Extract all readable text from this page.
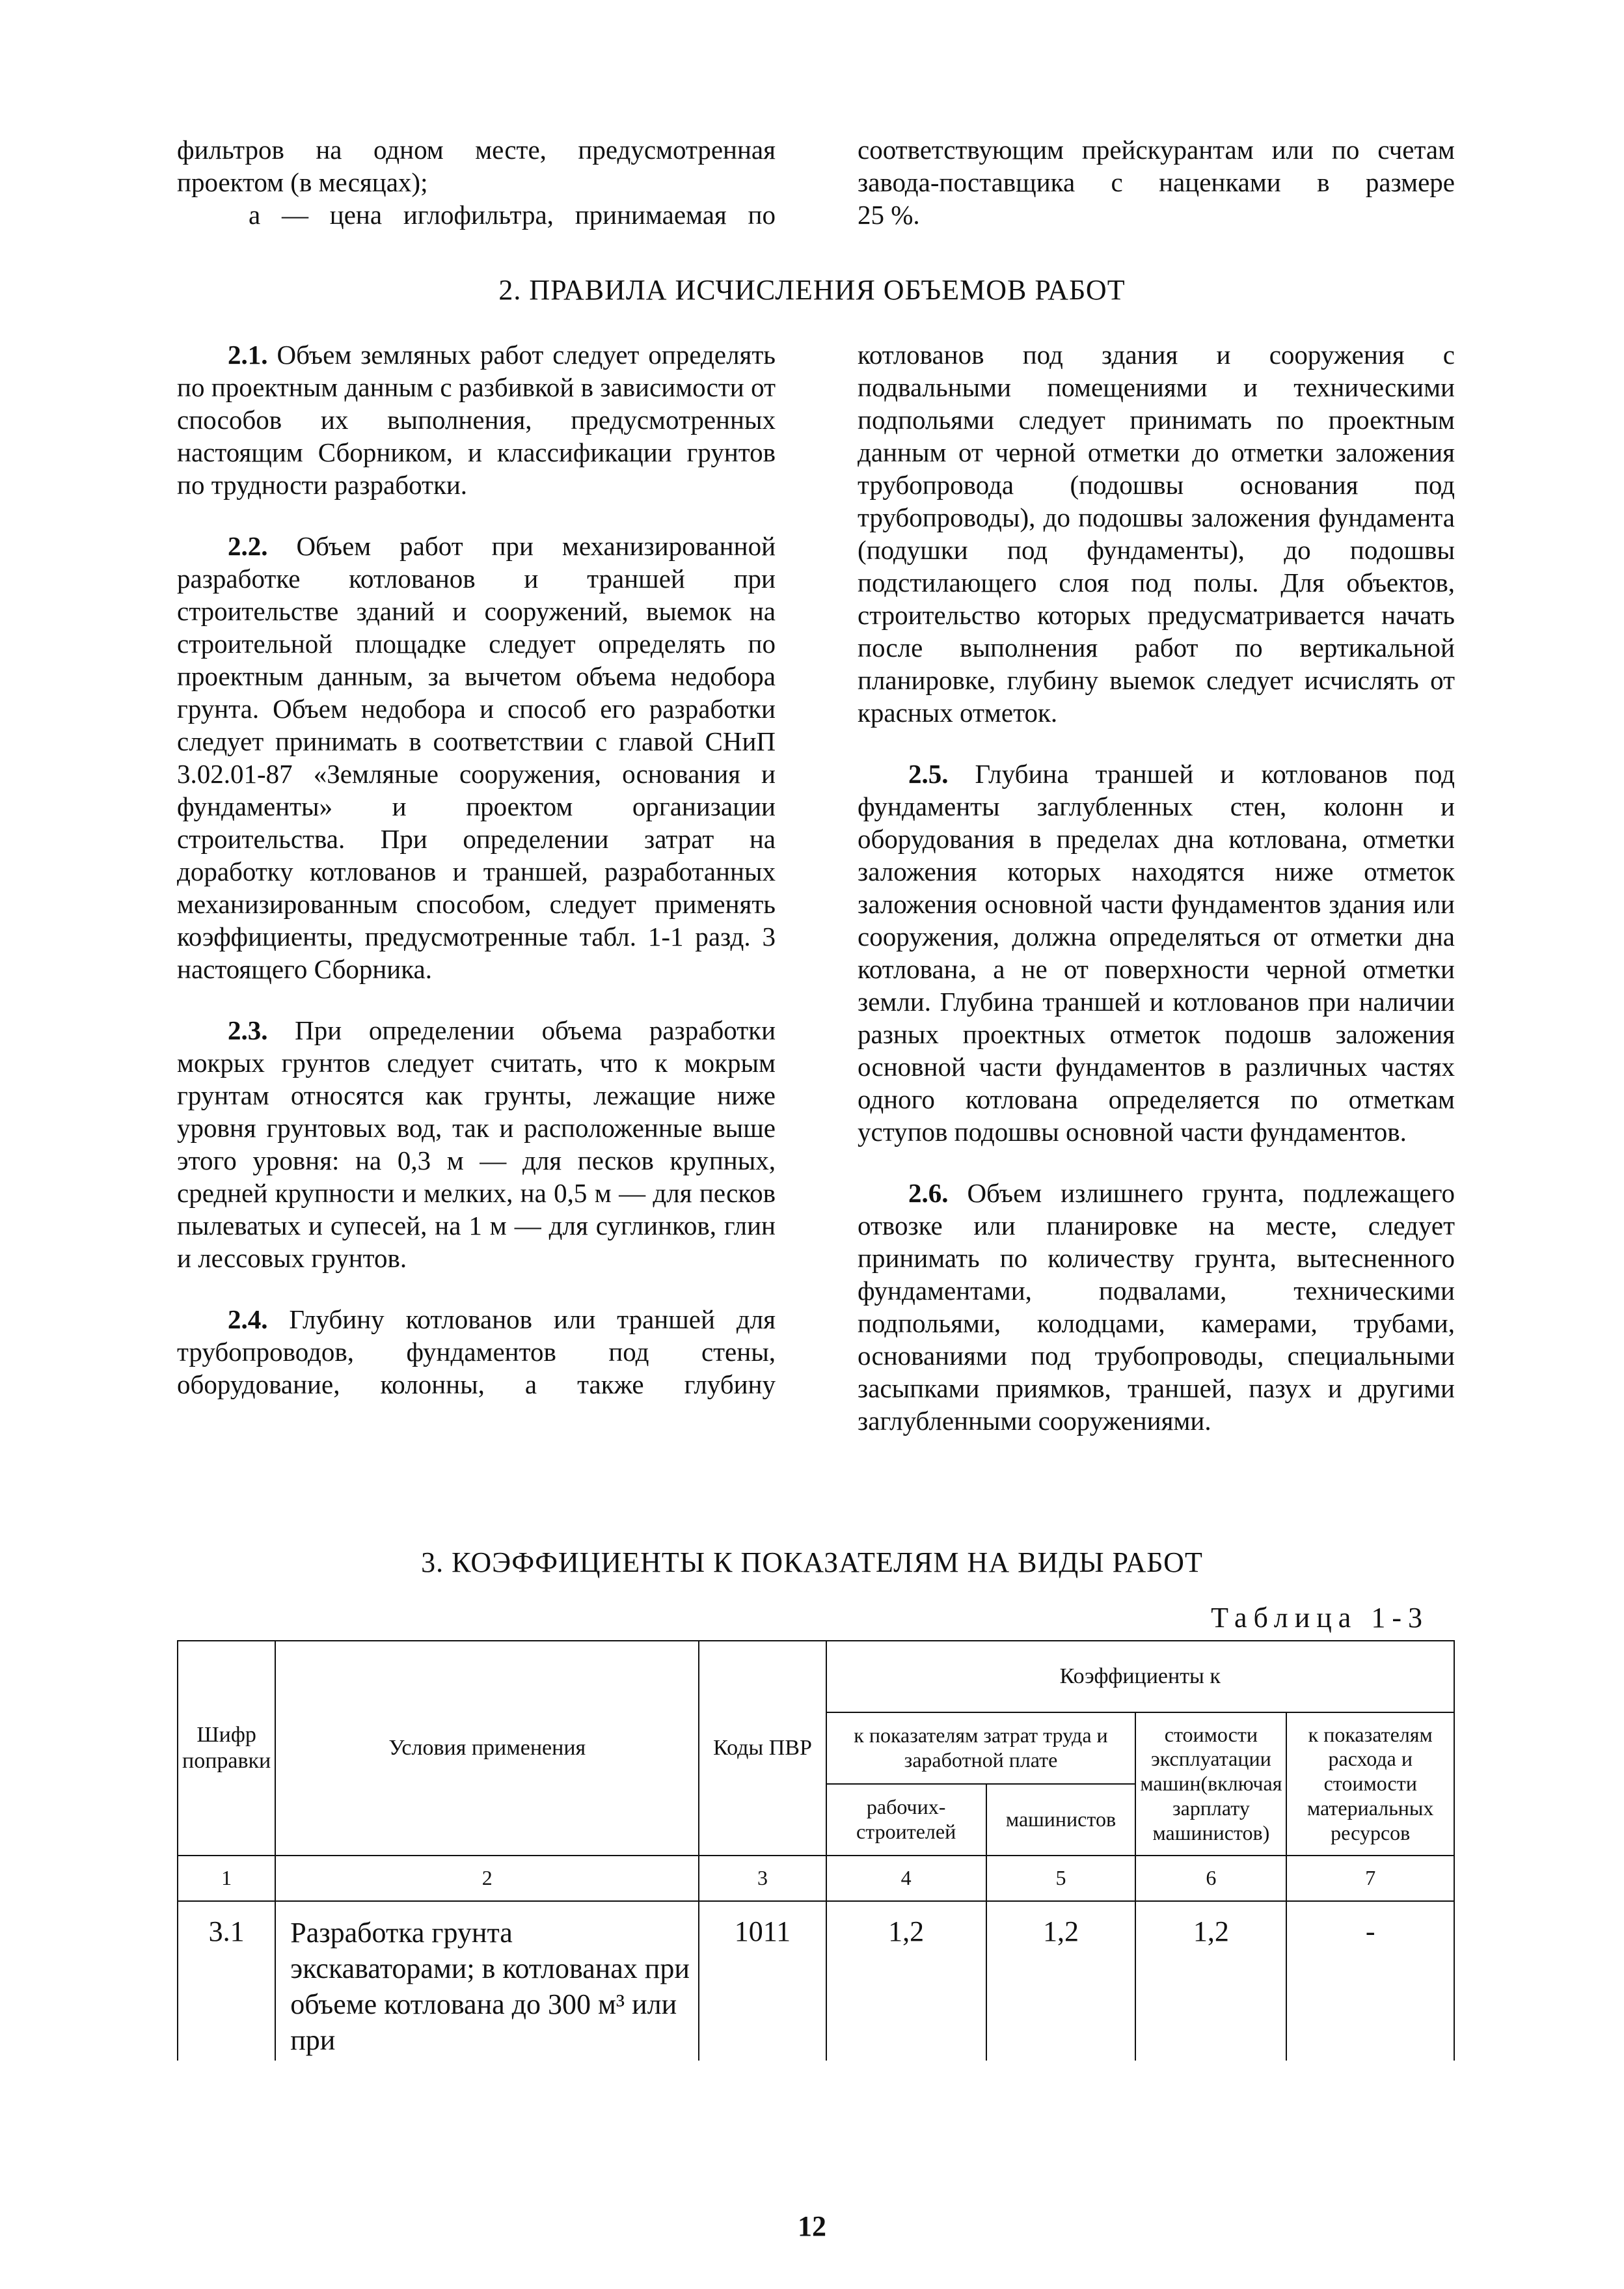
фильтров на одном месте, предусмотренная

проектом (в месяцах);

а — цена иглофильтра, принимаемая по

соответствующим прейскурантам или по счетам

завода-поставщика с наценками в размере

25 %.

2. ПРАВИЛА ИСЧИСЛЕНИЯ ОБЪЕМОВ РАБОТ

2.1. Объем земляных работ следует определять по проектным данным с разбивкой в зависимости от способов их выполнения, предусмотренных настоящим Сборником, и классификации грунтов по трудности разработки.

2.2. Объем работ при механизированной разработке котлованов и траншей при строительстве зданий и сооружений, выемок на строительной площадке следует определять по проектным данным, за вычетом объема недобора грунта. Объем недобора и способ его разработки следует принимать в соответствии с главой СНиП 3.02.01-87 «Земляные сооружения, основания и фундаменты» и проектом организации строительства. При определении затрат на доработку котлованов и траншей, разработанных механизированным способом, следует применять коэффициенты, предусмотренные табл. 1-1 разд. 3 настоящего Сборника.

2.3. При определении объема разработки мокрых грунтов следует считать, что к мокрым грунтам относятся как грунты, лежащие ниже уровня грунтовых вод, так и расположенные выше этого уровня: на 0,3 м — для песков крупных, средней крупности и мелких, на 0,5 м — для песков пылеватых и супесей, на 1 м — для суглинков, глин и лессовых грунтов.

2.4. Глубину котлованов или траншей для трубопроводов, фундаментов под стены, оборудование, колонны, а также глубину

котлованов под здания и сооружения с подвальными помещениями и техническими подпольями следует принимать по проектным данным от черной отметки до отметки заложения трубопровода (подошвы основания под трубопроводы), до подошвы заложения фундамента (подушки под фундаменты), до подошвы подстилающего слоя под полы. Для объектов, строительство которых предусматривается начать после выполнения работ по вертикальной планировке, глубину выемок следует исчислять от красных отметок.

2.5. Глубина траншей и котлованов под фундаменты заглубленных стен, колонн и оборудования в пределах дна котлована, отметки заложения которых находятся ниже отметок заложения основной части фундаментов здания или сооружения, должна определяться от отметки дна котлована, а не от поверхности черной отметки земли. Глубина траншей и котлованов при наличии разных проектных отметок подошв заложения основной части фундаментов в различных частях одного котлована определяется по отметкам уступов подошвы основной части фундаментов.

2.6. Объем излишнего грунта, подлежащего отвозке или планировке на месте, следует принимать по количеству грунта, вытесненного фундаментами, подвалами, техническими подпольями, колодцами, камерами, трубами, основаниями под трубопроводы, специальными засыпками приямков, траншей, пазух и другими заглубленными сооружениями.

3. КОЭФФИЦИЕНТЫ К ПОКАЗАТЕЛЯМ НА ВИДЫ РАБОТ
Таблица 1-3
Шифр поправки	Условия применения	Коды ПВР	Коэффициенты к			
			к показателям затрат труда и заработной плате		стоимости эксплуатации машин(включая зарплату машинистов)	к показателям расхода и стоимости материальных ресурсов
			рабочих-строителей	машинистов		
1	2	3	4	5	6	7
3.1	Разработка грунта экскаваторами; в котлованах при объеме котлована до 300 м³ или при	1011	1,2	1,2	1,2	-
12
